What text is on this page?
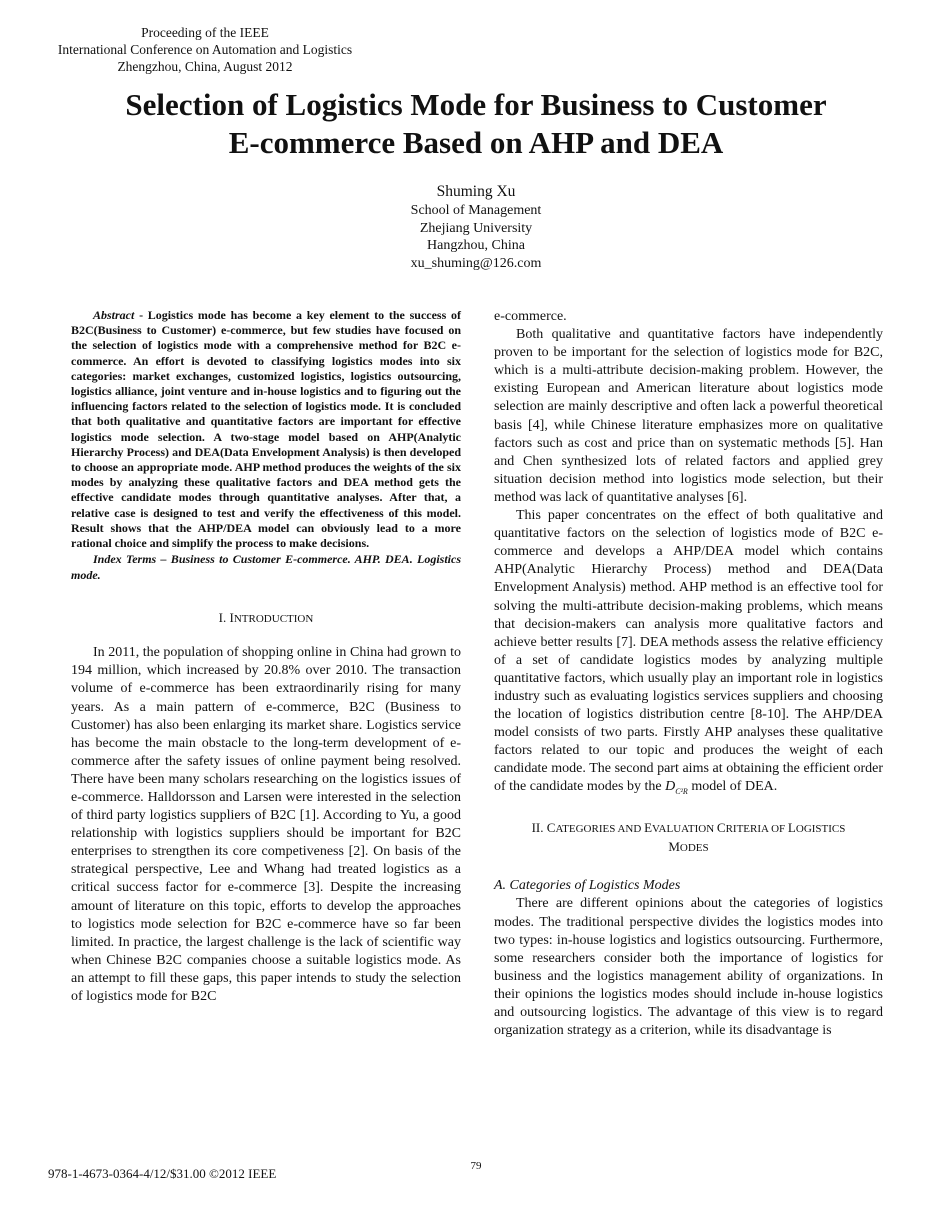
Proceeding of the IEEE
International Conference on Automation and Logistics
Zhengzhou, China, August 2012
Selection of Logistics Mode for Business to Customer
E-commerce Based on AHP and DEA
Shuming Xu
School of Management
Zhejiang University
Hangzhou, China
xu_shuming@126.com

Abstract - Logistics mode has become a key element to the success of B2C(Business to Customer) e-commerce, but few studies have focused on the selection of logistics mode with a comprehensive method for B2C e-commerce. An effort is devoted to classifying logistics modes into six categories: market exchanges, customized logistics, logistics outsourcing, logistics alliance, joint venture and in-house logistics and to figuring out the influencing factors related to the selection of logistics mode. It is concluded that both qualitative and quantitative factors are important for effective logistics mode selection. A two-stage model based on AHP(Analytic Hierarchy Process) and DEA(Data Envelopment Analysis) is then developed to choose an appropriate mode. AHP method produces the weights of the six modes by analyzing these qualitative factors and DEA method gets the effective candidate modes through quantitative analyses. After that, a relative case is designed to test and verify the effectiveness of this model. Result shows that the AHP/DEA model can obviously lead to a more rational choice and simplify the process to make decisions.

Index Terms – Business to Customer E-commerce. AHP. DEA. Logistics mode.

I. INTRODUCTION

In 2011, the population of shopping online in China had grown to 194 million, which increased by 20.8% over 2010. The transaction volume of e-commerce has been extraordinarily rising for many years. As a main pattern of e-commerce, B2C (Business to Customer) has also been enlarging its market share. Logistics service has become the main obstacle to the long-term development of e-commerce after the safety issues of online payment being resolved. There have been many scholars researching on the logistics issues of e-commerce. Halldorsson and Larsen were interested in the selection of third party logistics suppliers of B2C [1]. According to Yu, a good relationship with logistics suppliers should be important for B2C enterprises to strengthen its core competiveness [2]. On basis of the strategical perspective, Lee and Whang had treated logistics as a critical success factor for e-commerce [3]. Despite the increasing amount of literature on this topic, efforts to develop the approaches to logistics mode selection for B2C e-commerce have so far been limited. In practice, the largest challenge is the lack of scientific way when Chinese B2C companies choose a suitable logistics mode. As an attempt to fill these gaps, this paper intends to study the selection of logistics mode for B2C

e-commerce.

Both qualitative and quantitative factors have independently proven to be important for the selection of logistics mode for B2C, which is a multi-attribute decision-making problem. However, the existing European and American literature about logistics mode selection are mainly descriptive and often lack a powerful theoretical basis [4], while Chinese literature emphasizes more on qualitative factors such as cost and price than on systematic methods [5]. Han and Chen synthesized lots of related factors and applied grey situation decision method into logistics mode selection, but their method was lack of quantitative analyses [6].

This paper concentrates on the effect of both qualitative and quantitative factors on the selection of logistics mode of B2C e-commerce and develops a AHP/DEA model which contains AHP(Analytic Hierarchy Process) method and DEA(Data Envelopment Analysis) method. AHP method is an effective tool for solving the multi-attribute decision-making problems, which means that decision-makers can analysis more qualitative factors and achieve better results [7]. DEA methods assess the relative efficiency of a set of candidate logistics modes by analyzing multiple quantitative factors, which usually play an important role in logistics industry such as evaluating logistics services suppliers and choosing the location of logistics distribution centre [8-10]. The AHP/DEA model consists of two parts. Firstly AHP analyses these qualitative factors related to our topic and produces the weight of each candidate mode. The second part aims at obtaining the efficient order of the candidate modes by the $D_{C^2R}$ model of DEA.

II. CATEGORIES AND EVALUATION CRITERIA OF LOGISTICS
MODES

A. Categories of Logistics Modes

There are different opinions about the categories of logistics modes. The traditional perspective divides the logistics modes into two types: in-house logistics and logistics outsourcing. Furthermore, some researchers consider both the importance of logistics for business and the logistics management ability of organizations. In their opinions the logistics modes should include in-house logistics and outsourcing logistics. The advantage of this view is to regard organization strategy as a criterion, while its disadvantage is

978-1-4673-0364-4/12/$31.00 ©2012 IEEE	79
